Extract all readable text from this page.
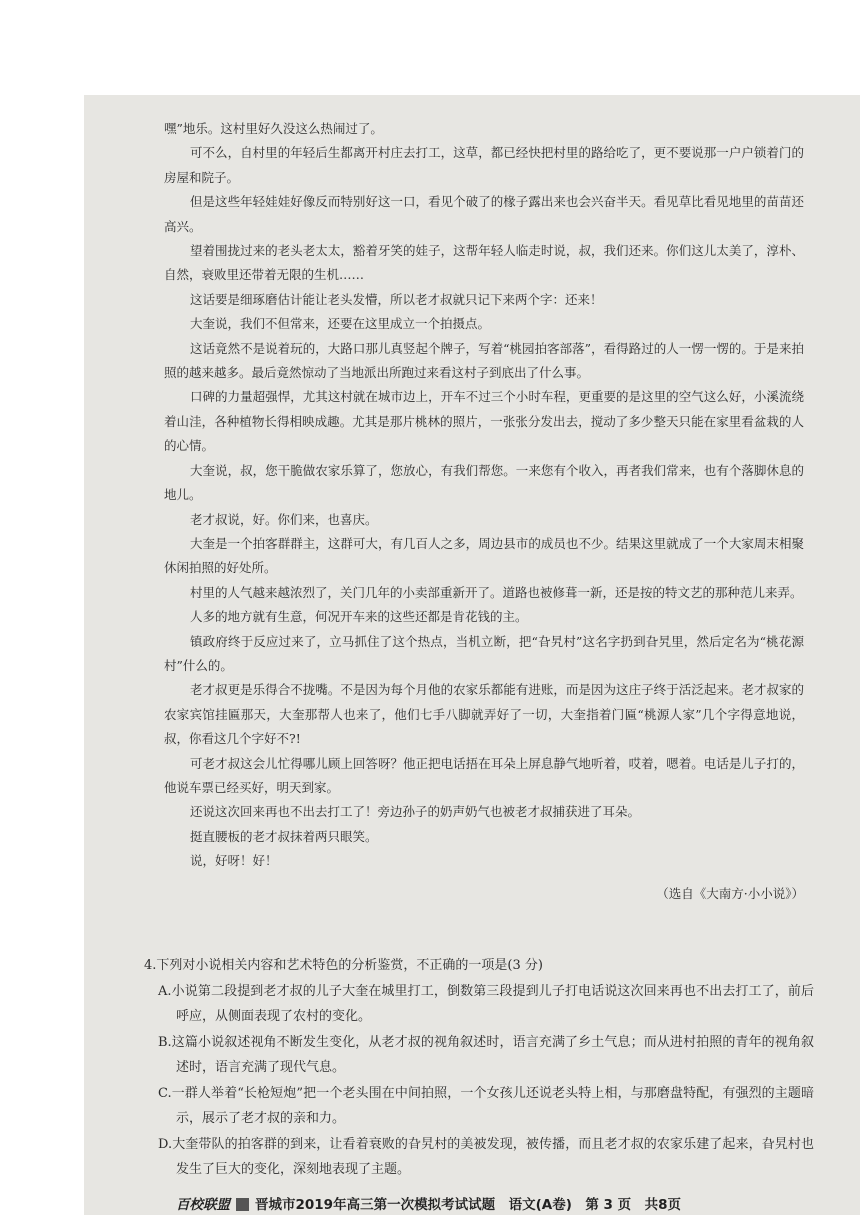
嘿”地乐。这村里好久没这么热闹过了。

可不么，自村里的年轻后生都离开村庄去打工，这草，都已经快把村里的路给吃了，更不要说那一户户锁着门的房屋和院子。

但是这些年轻娃娃好像反而特别好这一口，看见个破了的椽子露出来也会兴奋半天。看见草比看见地里的苗苗还高兴。

望着围拢过来的老头老太太，豁着牙笑的娃子，这帮年轻人临走时说，叔，我们还来。你们这儿太美了，淳朴、自然，衰败里还带着无限的生机……

这话要是细琢磨估计能让老头发懵，所以老才叔就只记下来两个字：还来！

大奎说，我们不但常来，还要在这里成立一个拍摄点。

这话竟然不是说着玩的，大路口那儿真竖起个牌子，写着“桃园拍客部落”，看得路过的人一愣一愣的。于是来拍照的越来越多。最后竟然惊动了当地派出所跑过来看这村子到底出了什么事。

口碑的力量超强悍，尤其这村就在城市边上，开车不过三个小时车程，更重要的是这里的空气这么好，小溪流绕着山洼，各种植物长得相映成趣。尤其是那片桃林的照片，一张张分发出去，搅动了多少整天只能在家里看盆栽的人的心情。

大奎说，叔，您干脆做农家乐算了，您放心，有我们帮您。一来您有个收入，再者我们常来，也有个落脚休息的地儿。

老才叔说，好。你们来，也喜庆。

大奎是一个拍客群群主，这群可大，有几百人之多，周边县市的成员也不少。结果这里就成了一个大家周末相聚休闲拍照的好处所。

村里的人气越来越浓烈了，关门几年的小卖部重新开了。道路也被修葺一新，还是按的特文艺的那种范儿来弄。

人多的地方就有生意，何况开车来的这些还都是肯花钱的主。

镇政府终于反应过来了，立马抓住了这个热点，当机立断，把“旮旯村”这名字扔到旮旯里，然后定名为“桃花源村”什么的。

老才叔更是乐得合不拢嘴。不是因为每个月他的农家乐都能有进账，而是因为这庄子终于活泛起来。老才叔家的农家宾馆挂匾那天，大奎那帮人也来了，他们七手八脚就弄好了一切，大奎指着门匾“桃源人家”几个字得意地说，叔，你看这几个字好不?!

可老才叔这会儿忙得哪儿顾上回答呀？他正把电话捂在耳朵上屏息静气地听着，哎着，嗯着。电话是儿子打的，他说车票已经买好，明天到家。

还说这次回来再也不出去打工了！旁边孙子的奶声奶气也被老才叔捕获进了耳朵。

挺直腰板的老才叔抹着两只眼笑。

说，好呀！好！

（选自《大南方·小小说》）

4.下列对小说相关内容和艺术特色的分析鉴赏，不正确的一项是(3 分)

A.小说第二段提到老才叔的儿子大奎在城里打工，倒数第三段提到儿子打电话说这次回来再也不出去打工了，前后呼应，从侧面表现了农村的变化。

B.这篇小说叙述视角不断发生变化，从老才叔的视角叙述时，语言充满了乡土气息；而从进村拍照的青年的视角叙述时，语言充满了现代气息。

C.一群人举着“长枪短炮”把一个老头围在中间拍照，一个女孩儿还说老头特上相，与那磨盘特配，有强烈的主题暗示，展示了老才叔的亲和力。

D.大奎带队的拍客群的到来，让看着衰败的旮旯村的美被发现，被传播，而且老才叔的农家乐建了起来，旮旯村也发生了巨大的变化，深刻地表现了主题。

百校联盟 晋城市2019年高三第一次模拟考试试题　语文(A卷)　第 3 页　共8页
